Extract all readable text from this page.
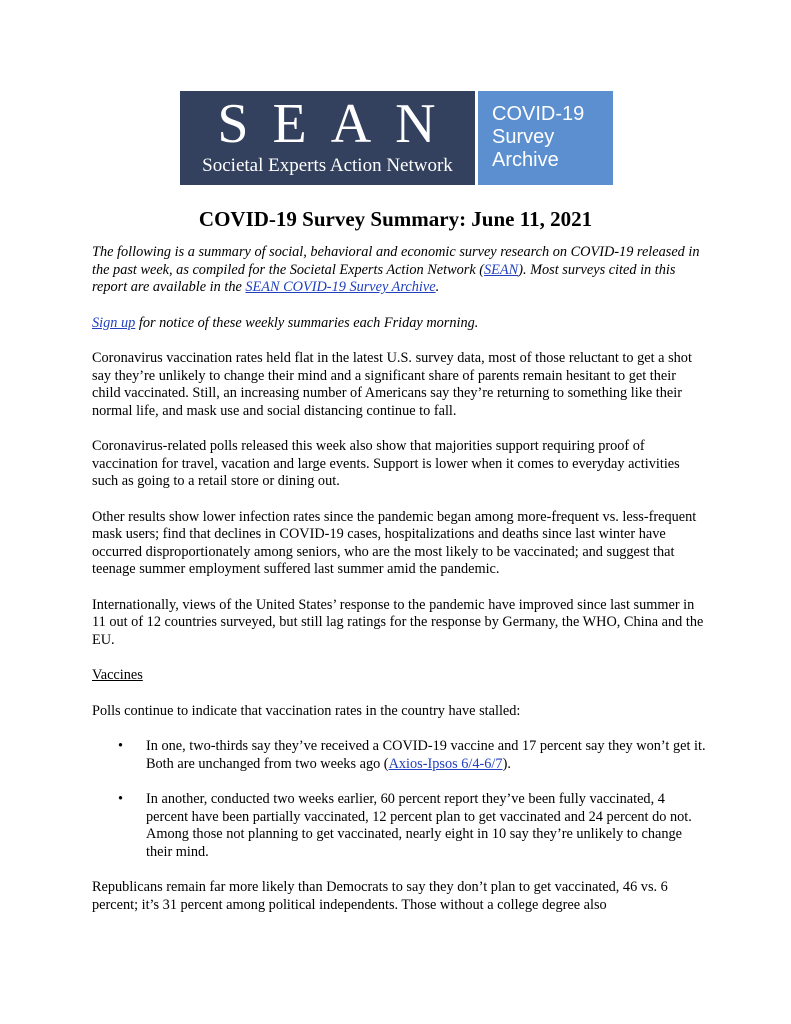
SEAN
Societal Experts Action Network
COVID-19
Survey
Archive
COVID-19 Survey Summary: June 11, 2021

The following is a summary of social, behavioral and economic survey research on COVID-19 released in the past week, as compiled for the Societal Experts Action Network (SEAN). Most surveys cited in this report are available in the SEAN COVID-19 Survey Archive.

Sign up for notice of these weekly summaries each Friday morning.

Coronavirus vaccination rates held flat in the latest U.S. survey data, most of those reluctant to get a shot say they’re unlikely to change their mind and a significant share of parents remain hesitant to get their child vaccinated. Still, an increasing number of Americans say they’re returning to something like their normal life, and mask use and social distancing continue to fall.

Coronavirus-related polls released this week also show that majorities support requiring proof of vaccination for travel, vacation and large events. Support is lower when it comes to everyday activities such as going to a retail store or dining out.

Other results show lower infection rates since the pandemic began among more-frequent vs. less-frequent mask users; find that declines in COVID-19 cases, hospitalizations and deaths since last winter have occurred disproportionately among seniors, who are the most likely to be vaccinated; and suggest that teenage summer employment suffered last summer amid the pandemic.

Internationally, views of the United States’ response to the pandemic have improved since last summer in 11 out of 12 countries surveyed, but still lag ratings for the response by Germany, the WHO, China and the EU.

Vaccines

Polls continue to indicate that vaccination rates in the country have stalled:

• In one, two-thirds say they’ve received a COVID-19 vaccine and 17 percent say they won’t get it. Both are unchanged from two weeks ago (Axios-Ipsos 6/4-6/7).
• In another, conducted two weeks earlier, 60 percent report they’ve been fully vaccinated, 4 percent have been partially vaccinated, 12 percent plan to get vaccinated and 24 percent do not. Among those not planning to get vaccinated, nearly eight in 10 say they’re unlikely to change their mind.

Republicans remain far more likely than Democrats to say they don’t plan to get vaccinated, 46 vs. 6 percent; it’s 31 percent among political independents. Those without a college degree also
